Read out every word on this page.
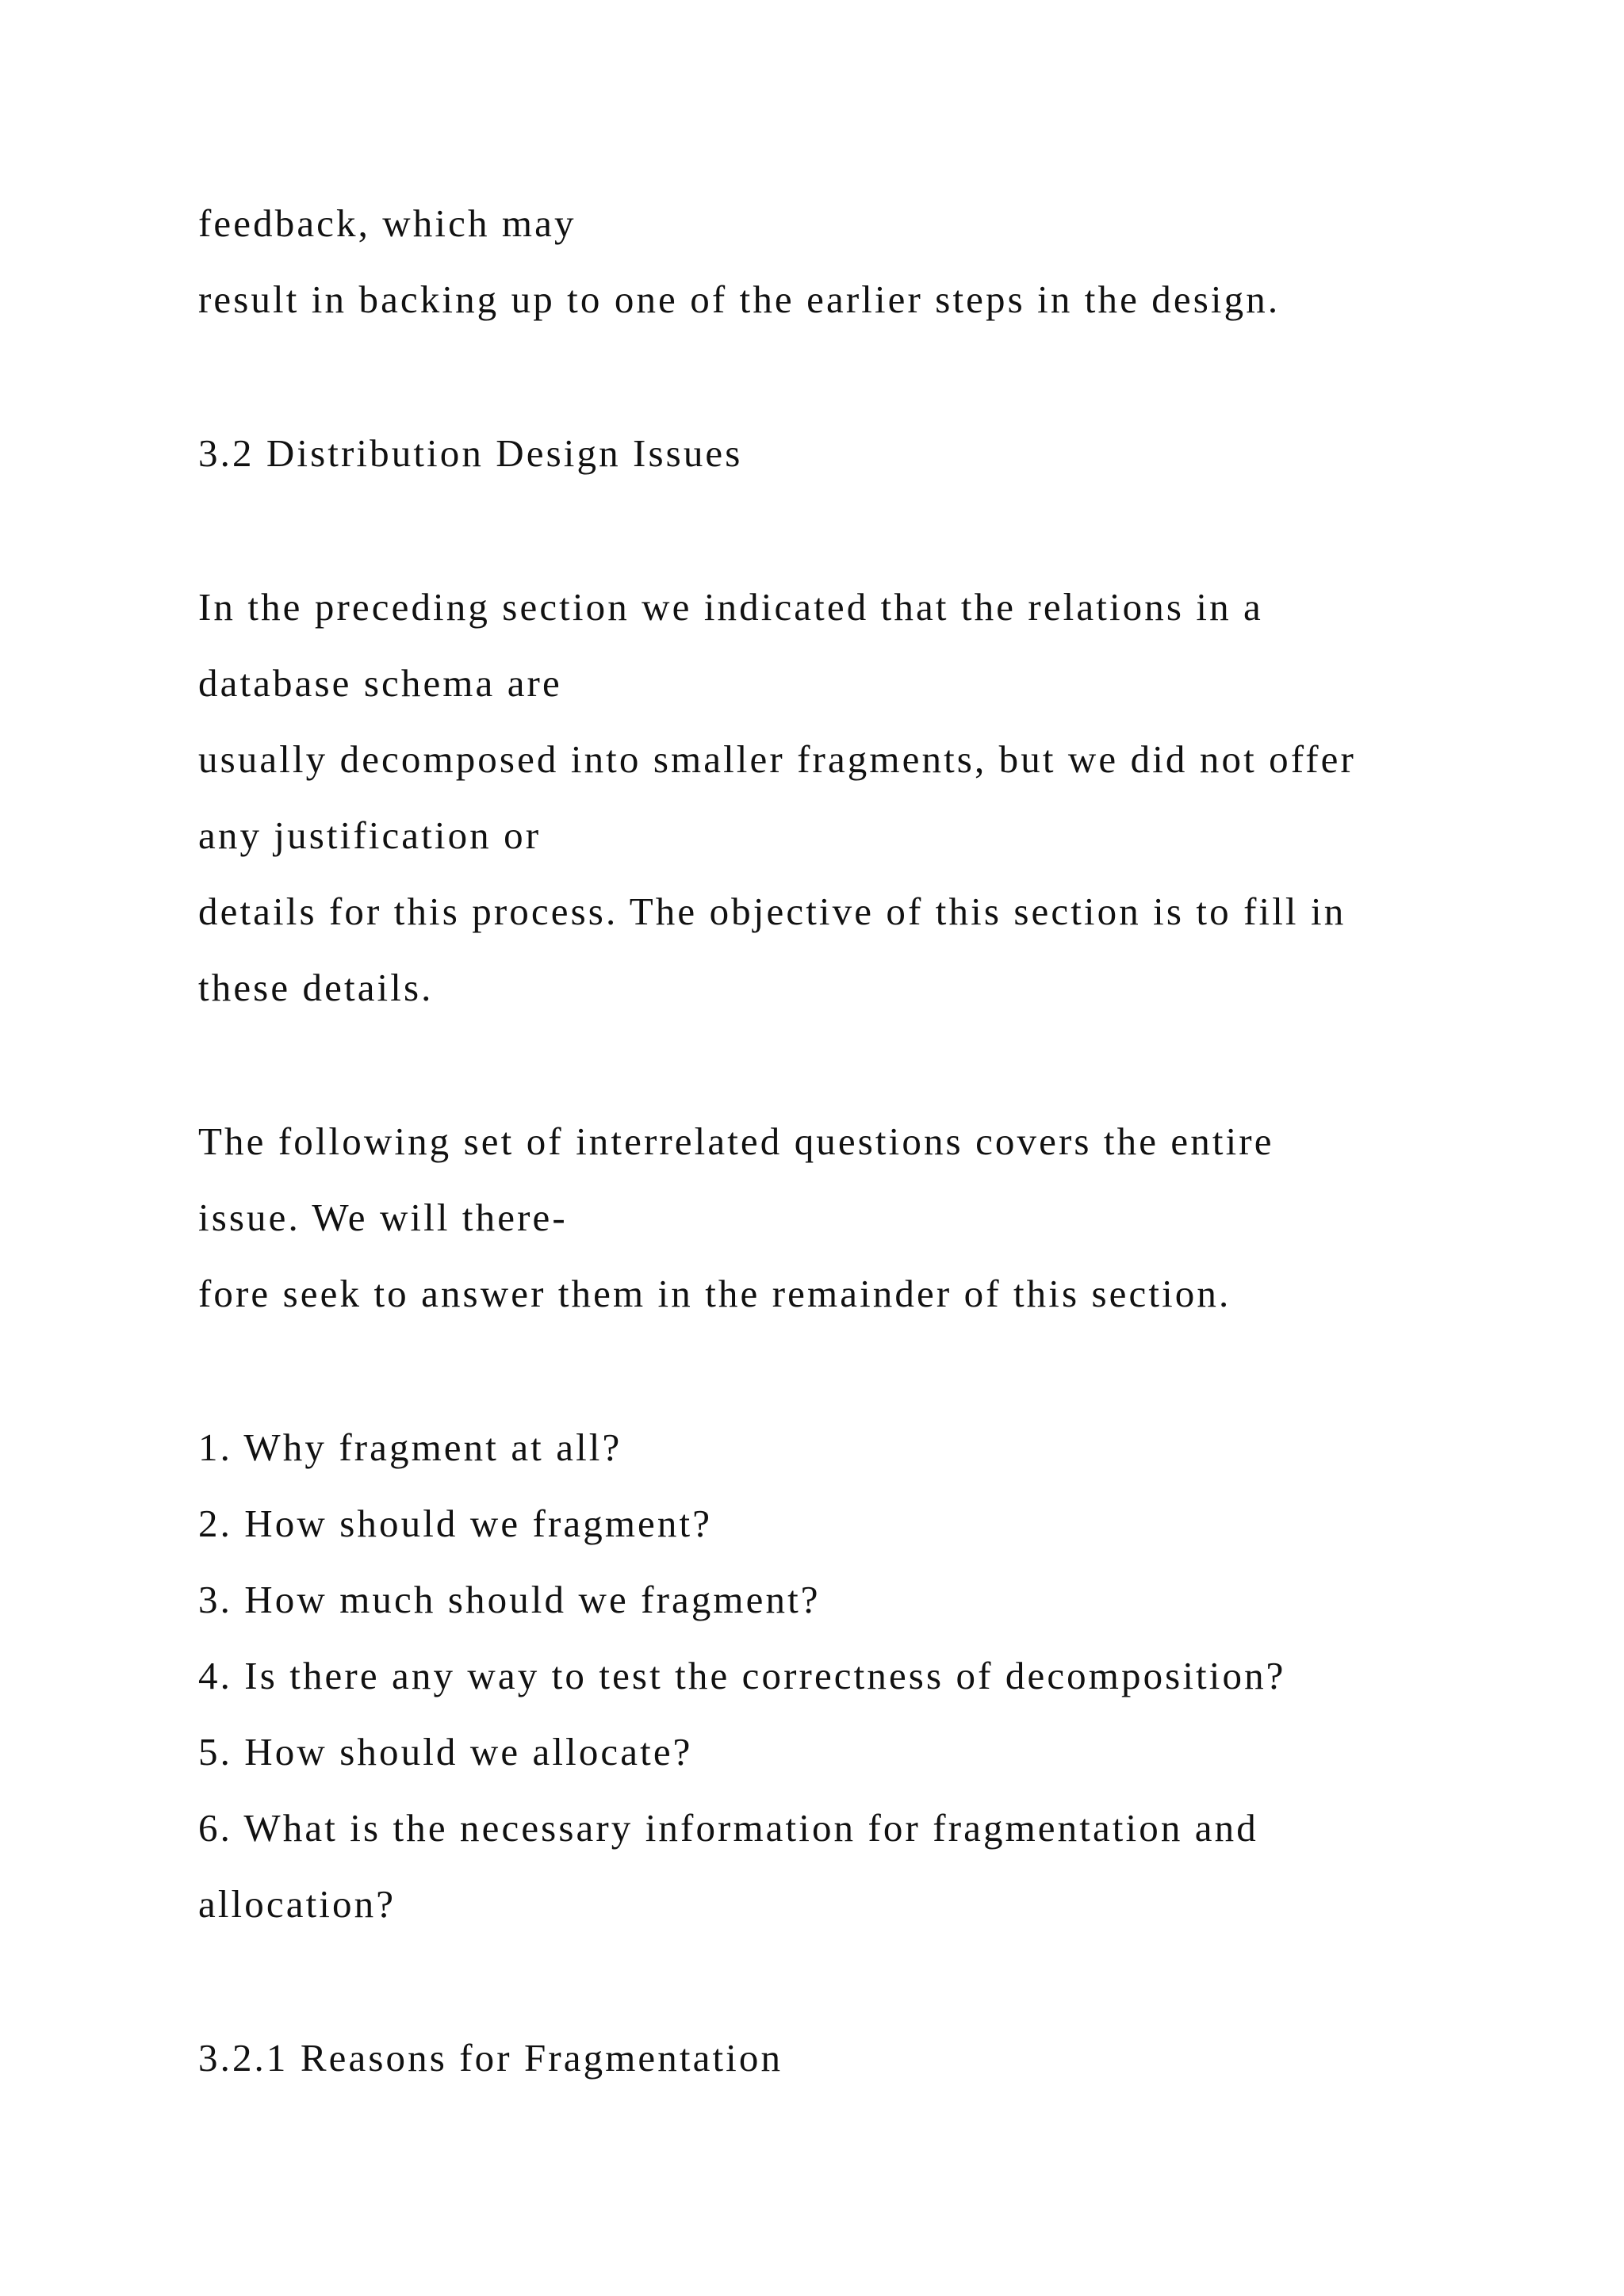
feedback, which may

result in backing up to one of the earlier steps in the design.

3.2 Distribution Design Issues

In the preceding section we indicated that the relations in a

database schema are

usually decomposed into smaller fragments, but we did not offer

any justification or

details for this process. The objective of this section is to fill in

these details.

The following set of interrelated questions covers the entire

issue. We will there-

fore seek to answer them in the remainder of this section.

1. Why fragment at all?

2. How should we fragment?

3. How much should we fragment?

4. Is there any way to test the correctness of decomposition?

5. How should we allocate?

6. What is the necessary information for fragmentation and

allocation?

3.2.1 Reasons for Fragmentation
